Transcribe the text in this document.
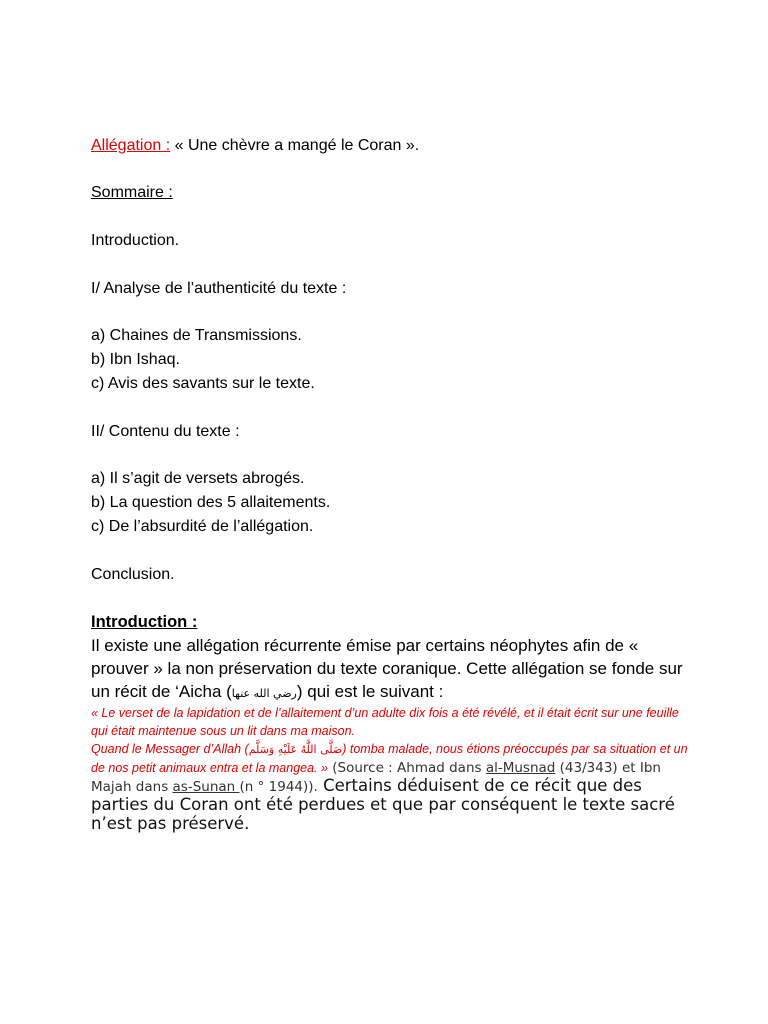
Allégation : « Une chèvre a mangé le Coran ».
Sommaire :
Introduction.
I/ Analyse de l’authenticité du texte :
a) Chaines de Transmissions.
b) Ibn Ishaq.
c) Avis des savants sur le texte.
II/ Contenu du texte :
a) Il s’agit de versets abrogés.
b) La question des 5 allaitements.
c) De l’absurdité de l’allégation.
Conclusion.
Introduction :
Il existe une allégation récurrente émise par certains néophytes afin de « prouver » la non préservation du texte coranique. Cette allégation se fonde sur un récit de ‘Aicha (رضي الله عنها) qui est le suivant :
« Le verset de la lapidation et de l’allaitement d’un adulte dix fois a été révélé, et il était écrit sur une feuille qui était maintenue sous un lit dans ma maison.
Quand le Messager d’Allah (صَلَّى اللَّهُ عَلَيْهِ وَسَلَّم) tomba malade, nous étions préoccupés par sa situation et un de nos petit animaux entra et la mangea. » (Source : Ahmad dans al-Musnad (43/343) et Ibn Majah dans as-Sunan (n ° 1944)). Certains déduisent de ce récit que des parties du Coran ont été perdues et que par conséquent le texte sacré n’est pas préservé.
